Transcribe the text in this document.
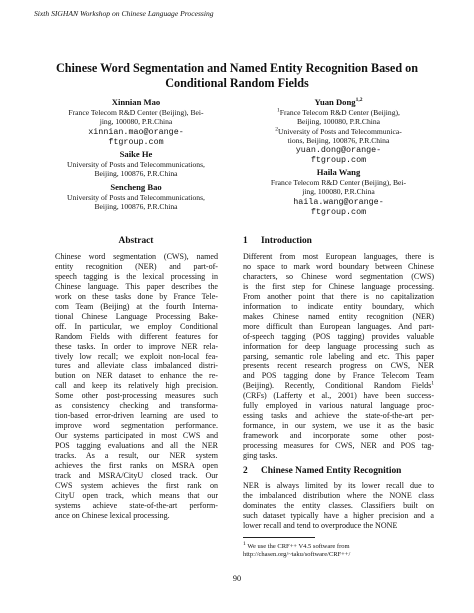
Sixth SIGHAN Workshop on Chinese Language Processing
Chinese Word Segmentation and Named Entity Recognition Based on
Conditional Random Fields
Xinnian Mao
France Telecom R&D Center (Beijing), Bei-
jing, 100080, P.R.China
xinnian.mao@orange-
ftgroup.com
Saike He
University of Posts and Telecommunications,
Beijing, 100876, P.R.China
Sencheng Bao
University of Posts and Telecommunications,
Beijing, 100876, P.R.China
Yuan Dong$^{1,2}$
$^1$France Telecom R&D Center (Beijing),
Beijing, 100080, P.R.China
$^2$University of Posts and Telecommunica-
tions, Beijing, 100876, P.R.China
yuan.dong@orange-
ftgroup.com
Haila Wang
France Telecom R&D Center (Beijing), Bei-
jing, 100080, P.R.China
haila.wang@orange-
ftgroup.com
Abstract
Chinese word segmentation (CWS), named
entity recognition (NER) and part-of-
speech tagging is the lexical processing in
Chinese language. This paper describes the
work on these tasks done by France Tele-
com Team (Beijing) at the fourth Interna-
tional Chinese Language Processing Bake-
off. In particular, we employ Conditional
Random Fields with different features for
these tasks. In order to improve NER rela-
tively low recall; we exploit non-local fea-
tures and alleviate class imbalanced distri-
bution on NER dataset to enhance the re-
call and keep its relatively high precision.
Some other post-processing measures such
as consistency checking and transforma-
tion-based error-driven learning are used to
improve word segmentation performance.
Our systems participated in most CWS and
POS tagging evaluations and all the NER
tracks. As a result, our NER system
achieves the first ranks on MSRA open
track and MSRA/CityU closed track. Our
CWS system achieves the first rank on
CityU open track, which means that our
systems achieve state-of-the-art perform-
ance on Chinese lexical processing.
1 Introduction
Different from most European languages, there is
no space to mark word boundary between Chinese
characters, so Chinese word segmentation (CWS)
is the first step for Chinese language processing.
From another point that there is no capitalization
information to indicate entity boundary, which
makes Chinese named entity recognition (NER)
more difficult than European languages. And part-
of-speech tagging (POS tagging) provides valuable
information for deep language processing such as
parsing, semantic role labeling and etc. This paper
presents recent research progress on CWS, NER
and POS tagging done by France Telecom Team
(Beijing). Recently, Conditional Random Fields$^1$
(CRFs) (Lafferty et al., 2001) have been success-
fully employed in various natural language proc-
essing tasks and achieve the state-of-the-art per-
formance, in our system, we use it as the basic
framework and incorporate some other post-
processing measures for CWS, NER and POS tag-
ging tasks.
2 Chinese Named Entity Recognition
NER is always limited by its lower recall due to
the imbalanced distribution where the NONE class
dominates the entity classes. Classifiers built on
such dataset typically have a higher precision and a
lower recall and tend to overproduce the NONE
$^1$ We use the CRF++ V4.5 software from
http://chasen.org/~taku/software/CRF++/
90
